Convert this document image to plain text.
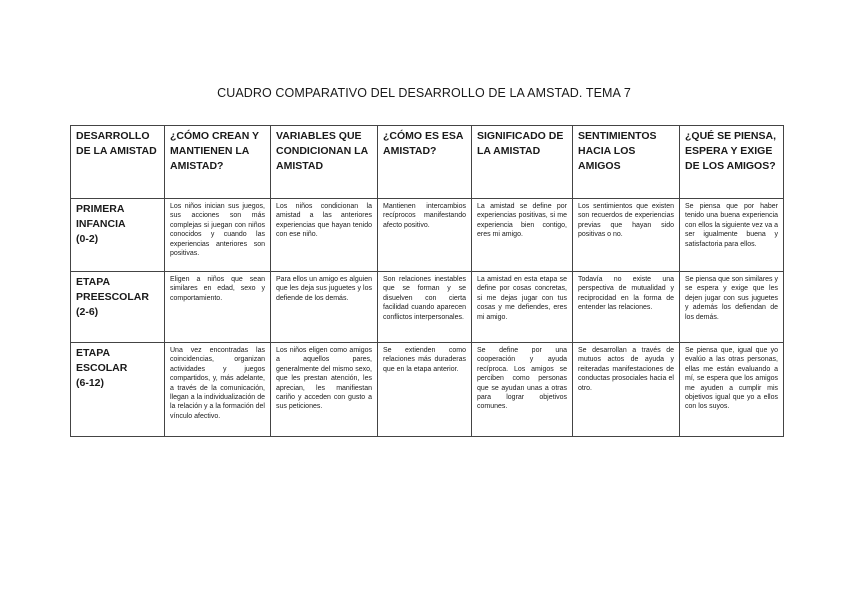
CUADRO COMPARATIVO DEL DESARROLLO DE LA AMSTAD. TEMA 7
DESARROLLO DE LA AMISTAD	¿CÓMO CREAN Y MANTIENEN LA AMISTAD?	VARIABLES QUE CONDICIONAN LA AMISTAD	¿CÓMO ES ESA AMISTAD?	SIGNIFICADO DE LA AMISTAD	SENTIMIENTOS HACIA LOS AMIGOS	¿QUÉ SE PIENSA, ESPERA Y EXIGE DE LOS AMIGOS?

PRIMERA INFANCIA
(0-2)	Los niños inician sus juegos, sus acciones son más complejas si juegan con niños conocidos y cuando las experiencias anteriores son positivas.	Los niños condicionan la amistad a las anteriores experiencias que hayan tenido con ese niño.	Mantienen intercambios recíprocos manifestando afecto positivo.	La amistad se define por experiencias positivas, si me experiencia bien contigo, eres mi amigo.	Los sentimientos que existen son recuerdos de experiencias previas que hayan sido positivas o no.	Se piensa que por haber tenido una buena experiencia con ellos la siguiente vez va a ser igualmente buena y satisfactoria para ellos.

ETAPA PREESCOLAR
(2-6)	Eligen a niños que sean similares en edad, sexo y comportamiento.	Para ellos un amigo es alguien que les deja sus juguetes y los defiende de los demás.	Son relaciones inestables que se forman y se disuelven con cierta facilidad cuando aparecen conflictos interpersonales.	La amistad en esta etapa se define por cosas concretas, si me dejas jugar con tus cosas y me defiendes, eres mi amigo.	Todavía no existe una perspectiva de mutualidad y reciprocidad en la forma de entender las relaciones.	Se piensa que son similares y se espera y exige que les dejen jugar con sus juguetes y además los defiendan de los demás.

ETAPA ESCOLAR
(6-12)	Una vez encontradas las coincidencias, organizan actividades y juegos compartidos, y, más adelante, a través de la comunicación, llegan a la individualización de la relación y a la formación del vínculo afectivo.	Los niños eligen como amigos a aquellos pares, generalmente del mismo sexo, que les prestan atención, les aprecian, les manifiestan cariño y acceden con gusto a sus peticiones.	Se extienden como relaciones más duraderas que en la etapa anterior.	Se define por una cooperación y ayuda recíproca. Los amigos se perciben como personas que se ayudan unas a otras para lograr objetivos comunes.	Se desarrollan a través de mutuos actos de ayuda y reiteradas manifestaciones de conductas prosociales hacia el otro.	Se piensa que, igual que yo evalúo a las otras personas, ellas me están evaluando a mí, se espera que los amigos me ayuden a cumplir mis objetivos igual que yo a ellos con los suyos.
